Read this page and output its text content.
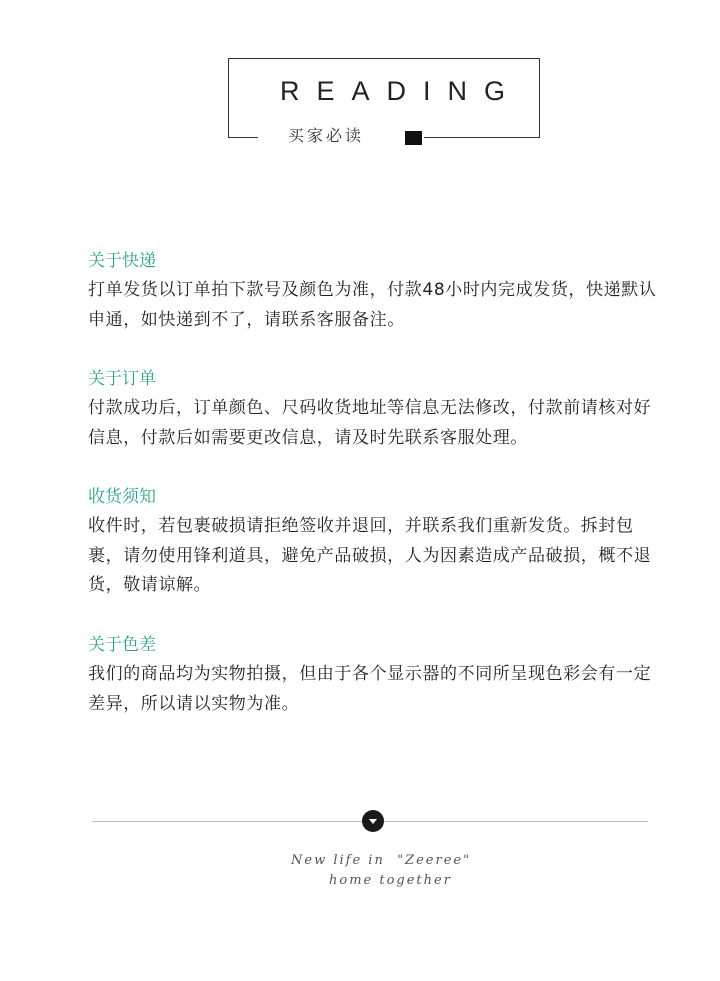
READING
买家必读
关于快递

打单发货以订单拍下款号及颜色为准，付款48小时内完成发货，快递默认申通，如快递到不了，请联系客服备注。

关于订单

付款成功后，订单颜色、尺码收货地址等信息无法修改，付款前请核对好信息，付款后如需要更改信息，请及时先联系客服处理。

收货须知

收件时，若包裹破损请拒绝签收并退回，并联系我们重新发货。拆封包裹，请勿使用锋利道具，避免产品破损，人为因素造成产品破损，概不退货，敬请谅解。

关于色差

我们的商品均为实物拍摄，但由于各个显示器的不同所呈现色彩会有一定差异，所以请以实物为准。

New life in  "Zeeree"
home together
